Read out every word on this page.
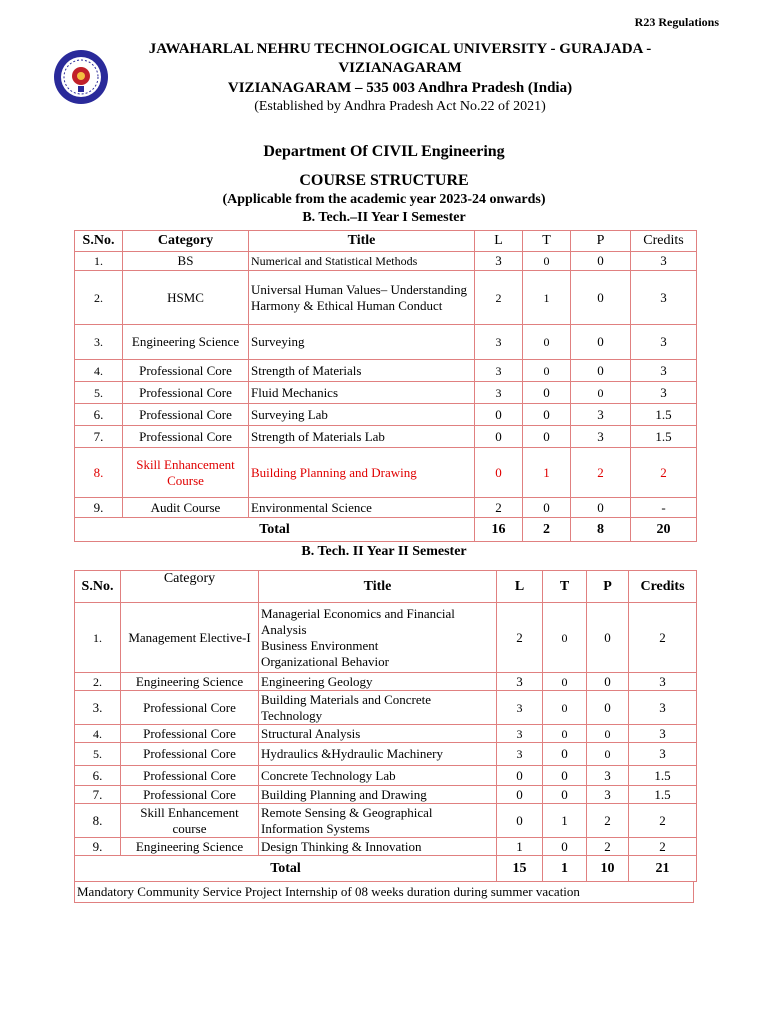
R23 Regulations
JAWAHARLAL NEHRU TECHNOLOGICAL UNIVERSITY - GURAJADA - VIZIANAGARAM
VIZIANAGARAM – 535 003 Andhra Pradesh (India)
(Established by Andhra Pradesh Act No.22 of 2021)
Department Of CIVIL Engineering
COURSE STRUCTURE
(Applicable from the academic year 2023-24 onwards)
B. Tech.–II Year I Semester
S.No.	Category	Title	L	T	P	Credits
1.	BS	Numerical and Statistical Methods	3	0	0	3
2.	HSMC	Universal Human Values– Understanding Harmony & Ethical Human Conduct	2	1	0	3
3.	Engineering Science	Surveying	3	0	0	3
4.	Professional Core	Strength of Materials	3	0	0	3
5.	Professional Core	Fluid Mechanics	3	0	0	3
6.	Professional Core	Surveying Lab	0	0	3	1.5
7.	Professional Core	Strength of Materials Lab	0	0	3	1.5
8.	Skill Enhancement Course	Building Planning and Drawing	0	1	2	2
9.	Audit Course	Environmental Science	2	0	0	-
Total			16	2	8	20
B. Tech. II Year II Semester
S.No.	Category	Title	L	T	P	Credits
1.	Management Elective-I	Managerial Economics and Financial Analysis
Business Environment
Organizational Behavior	2	0	0	2
2.	Engineering Science	Engineering Geology	3	0	0	3
3.	Professional Core	Building Materials and Concrete Technology	3	0	0	3
4.	Professional Core	Structural Analysis	3	0	0	3
5.	Professional Core	Hydraulics &Hydraulic Machinery	3	0	0	3
6.	Professional Core	Concrete Technology Lab	0	0	3	1.5
7.	Professional Core	Building Planning and Drawing	0	0	3	1.5
8.	Skill Enhancement course	Remote Sensing & Geographical Information Systems	0	1	2	2
9.	Engineering Science	Design Thinking & Innovation	1	0	2	2
Total			15	1	10	21
Mandatory Community Service Project Internship of 08 weeks duration during summer vacation
